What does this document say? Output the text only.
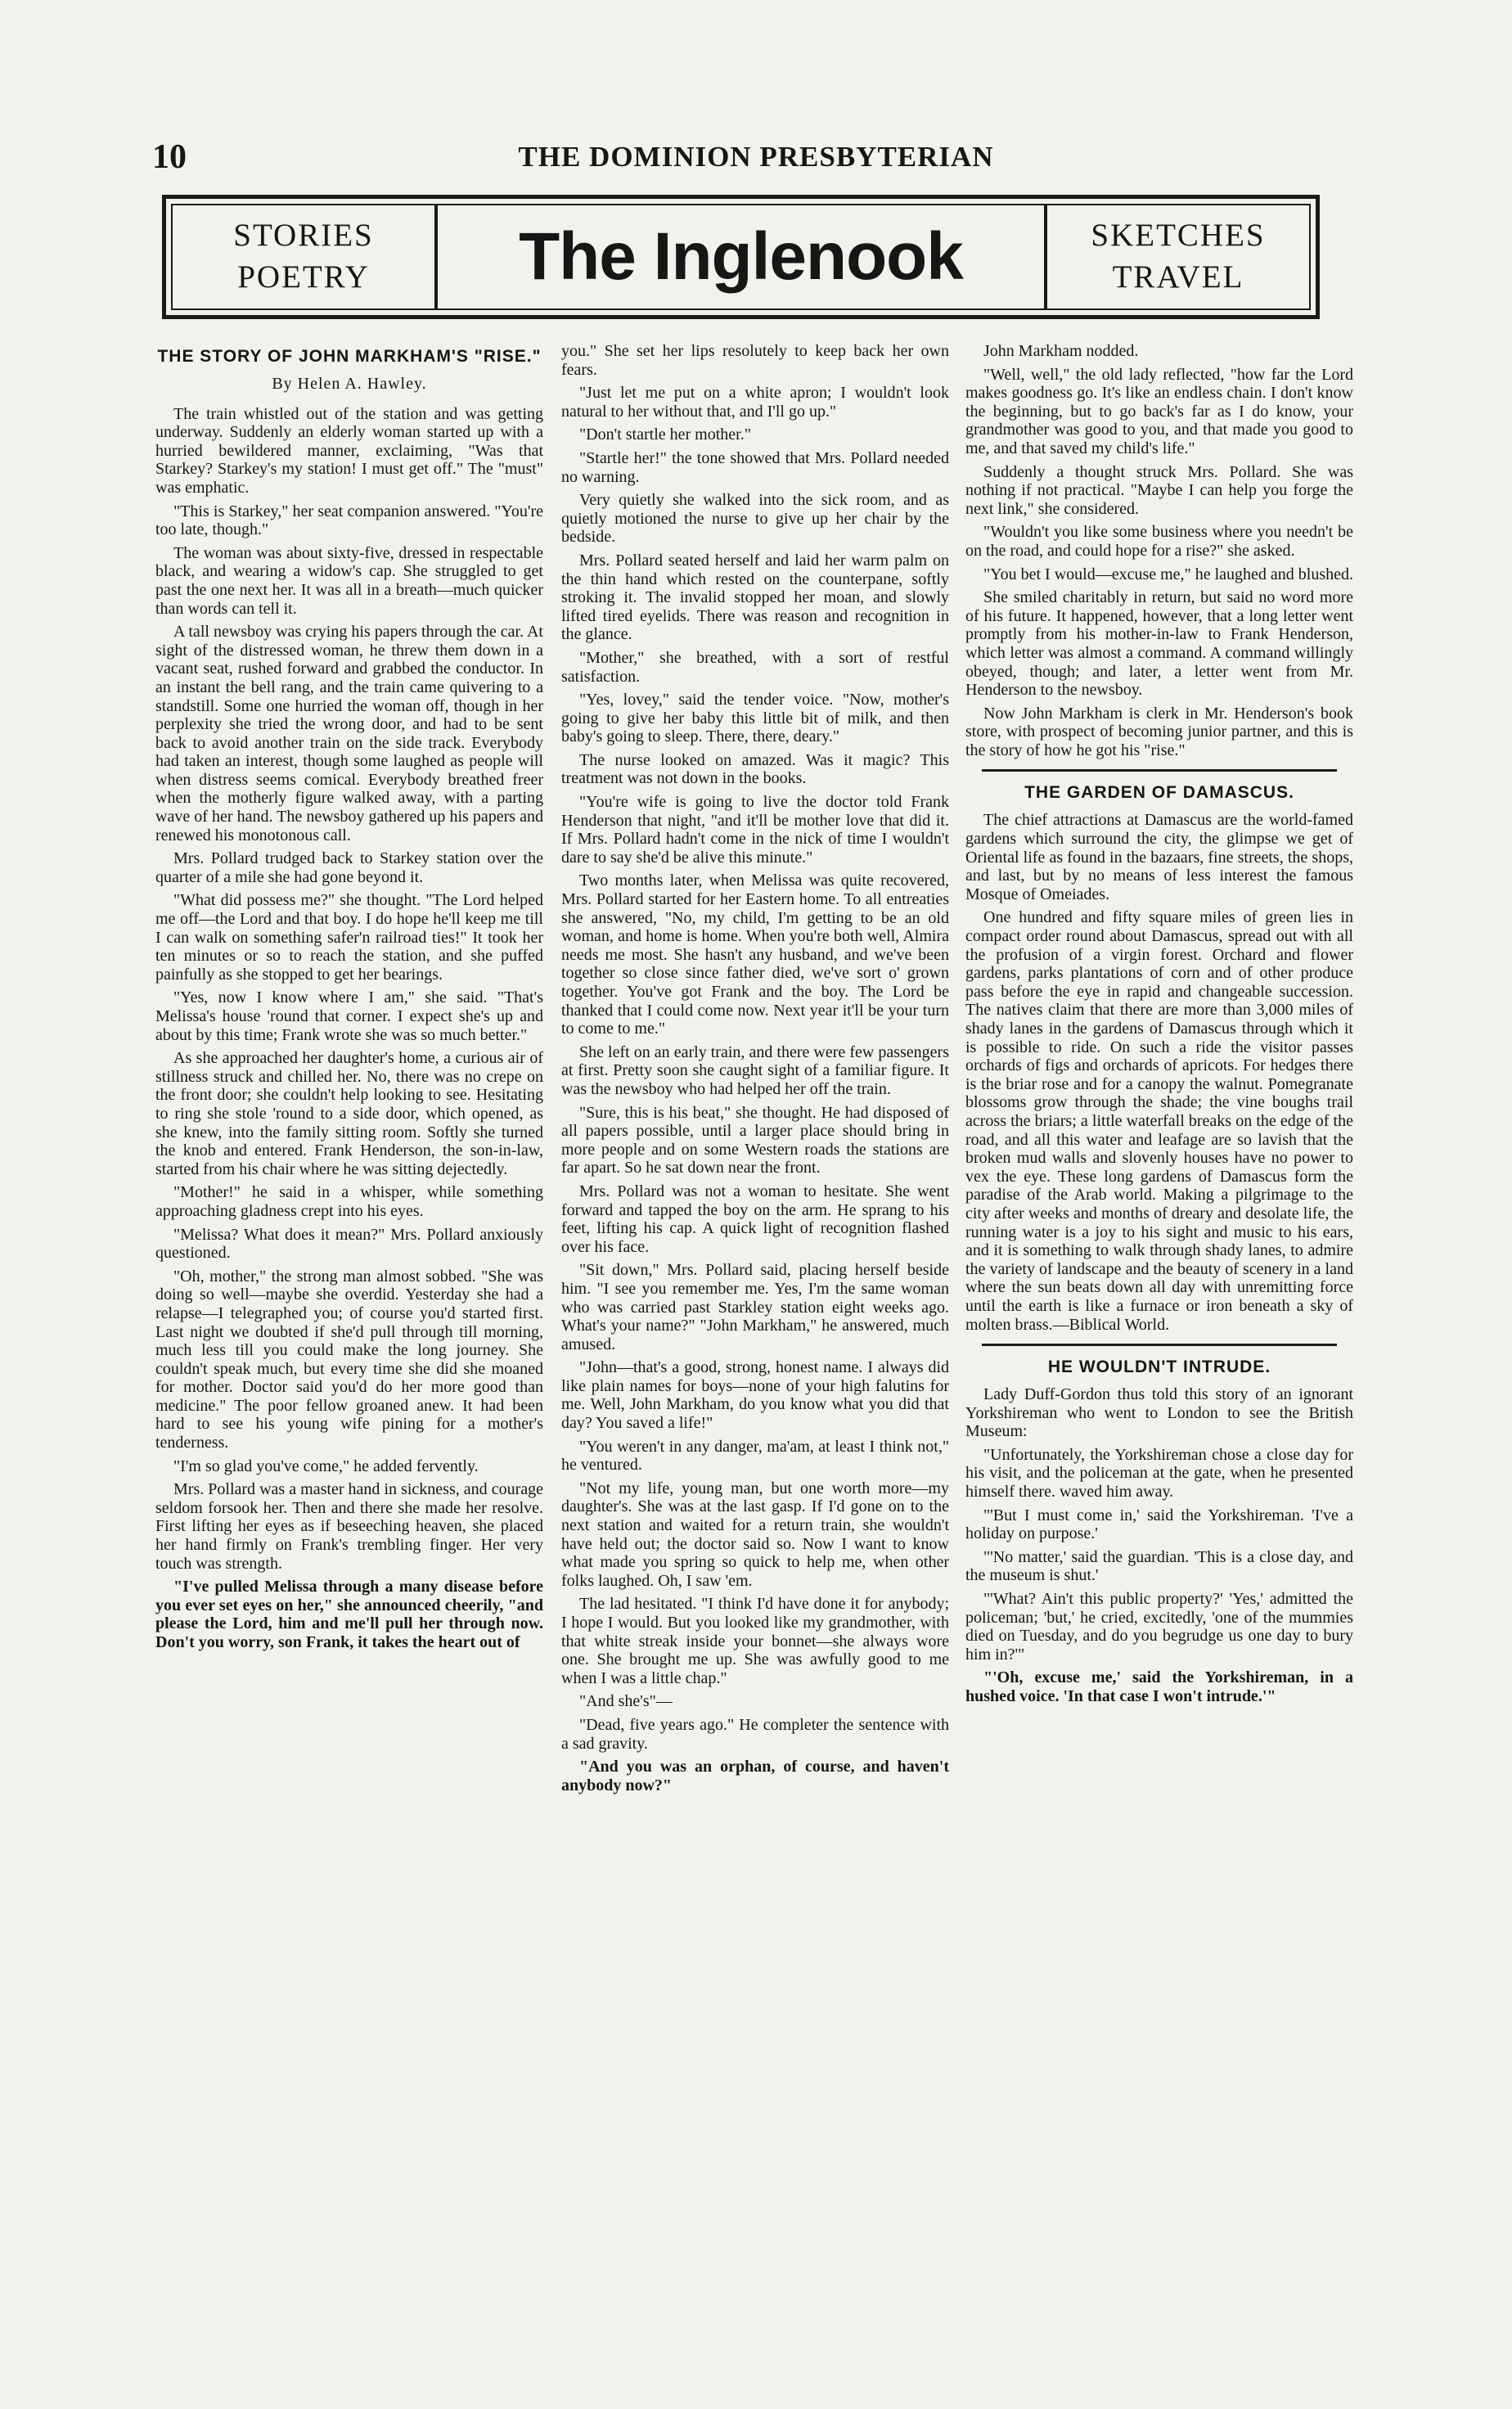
10	THE DOMINION PRESBYTERIAN
STORIES
POETRY	The Inglenook	SKETCHES
TRAVEL
THE STORY OF JOHN MARKHAM'S "RISE."
By Helen A. Hawley.

The train whistled out of the station and was getting underway. Suddenly an elderly woman started up with a hurried bewildered manner, exclaiming, "Was that Starkey? Starkey's my station! I must get off." The "must" was emphatic.

"This is Starkey," her seat companion answered. "You're too late, though."

The woman was about sixty-five, dressed in respectable black, and wearing a widow's cap. She struggled to get past the one next her. It was all in a breath—much quicker than words can tell it.

A tall newsboy was crying his papers through the car. At sight of the distressed woman, he threw them down in a vacant seat, rushed forward and grabbed the conductor. In an instant the bell rang, and the train came quivering to a standstill. Some one hurried the woman off, though in her perplexity she tried the wrong door, and had to be sent back to avoid another train on the side track. Everybody had taken an interest, though some laughed as people will when distress seems comical. Everybody breathed freer when the motherly figure walked away, with a parting wave of her hand. The newsboy gathered up his papers and renewed his monotonous call.

Mrs. Pollard trudged back to Starkey station over the quarter of a mile she had gone beyond it.

"What did possess me?" she thought. "The Lord helped me off—the Lord and that boy. I do hope he'll keep me till I can walk on something safer'n railroad ties!" It took her ten minutes or so to reach the station, and she puffed painfully as she stopped to get her bearings.

"Yes, now I know where I am," she said. "That's Melissa's house 'round that corner. I expect she's up and about by this time; Frank wrote she was so much better."

As she approached her daughter's home, a curious air of stillness struck and chilled her. No, there was no crepe on the front door; she couldn't help looking to see. Hesitating to ring she stole 'round to a side door, which opened, as she knew, into the family sitting room. Softly she turned the knob and entered. Frank Henderson, the son-in-law, started from his chair where he was sitting dejectedly.

"Mother!" he said in a whisper, while something approaching gladness crept into his eyes.

"Melissa? What does it mean?" Mrs. Pollard anxiously questioned.

"Oh, mother," the strong man almost sobbed. "She was doing so well—maybe she overdid. Yesterday she had a relapse—I telegraphed you; of course you'd started first. Last night we doubted if she'd pull through till morning, much less till you could make the long journey. She couldn't speak much, but every time she did she moaned for mother. Doctor said you'd do her more good than medicine." The poor fellow groaned anew. It had been hard to see his young wife pining for a mother's tenderness.

"I'm so glad you've come," he added fervently.

Mrs. Pollard was a master hand in sickness, and courage seldom forsook her. Then and there she made her resolve. First lifting her eyes as if beseeching heaven, she placed her hand firmly on Frank's trembling finger. Her very touch was strength.

"I've pulled Melissa through a many disease before you ever set eyes on her," she announced cheerily, "and please the Lord, him and me'll pull her through now. Don't you worry, son Frank, it takes the heart out of

you." She set her lips resolutely to keep back her own fears.

"Just let me put on a white apron; I wouldn't look natural to her without that, and I'll go up."

"Don't startle her mother."

"Startle her!" the tone showed that Mrs. Pollard needed no warning.

Very quietly she walked into the sick room, and as quietly motioned the nurse to give up her chair by the bedside.

Mrs. Pollard seated herself and laid her warm palm on the thin hand which rested on the counterpane, softly stroking it. The invalid stopped her moan, and slowly lifted tired eyelids. There was reason and recognition in the glance.

"Mother," she breathed, with a sort of restful satisfaction.

"Yes, lovey," said the tender voice. "Now, mother's going to give her baby this little bit of milk, and then baby's going to sleep. There, there, deary."

The nurse looked on amazed. Was it magic? This treatment was not down in the books.

"You're wife is going to live the doctor told Frank Henderson that night, "and it'll be mother love that did it. If Mrs. Pollard hadn't come in the nick of time I wouldn't dare to say she'd be alive this minute."

Two months later, when Melissa was quite recovered, Mrs. Pollard started for her Eastern home. To all entreaties she answered, "No, my child, I'm getting to be an old woman, and home is home. When you're both well, Almira needs me most. She hasn't any husband, and we've been together so close since father died, we've sort o' grown together. You've got Frank and the boy. The Lord be thanked that I could come now. Next year it'll be your turn to come to me."

She left on an early train, and there were few passengers at first. Pretty soon she caught sight of a familiar figure. It was the newsboy who had helped her off the train.

"Sure, this is his beat," she thought. He had disposed of all papers possible, until a larger place should bring in more people and on some Western roads the stations are far apart. So he sat down near the front.

Mrs. Pollard was not a woman to hesitate. She went forward and tapped the boy on the arm. He sprang to his feet, lifting his cap. A quick light of recognition flashed over his face.

"Sit down," Mrs. Pollard said, placing herself beside him. "I see you remember me. Yes, I'm the same woman who was carried past Starkley station eight weeks ago. What's your name?" "John Markham," he answered, much amused.

"John—that's a good, strong, honest name. I always did like plain names for boys—none of your high falutins for me. Well, John Markham, do you know what you did that day? You saved a life!"

"You weren't in any danger, ma'am, at least I think not," he ventured.

"Not my life, young man, but one worth more—my daughter's. She was at the last gasp. If I'd gone on to the next station and waited for a return train, she wouldn't have held out; the doctor said so. Now I want to know what made you spring so quick to help me, when other folks laughed. Oh, I saw 'em.

The lad hesitated. "I think I'd have done it for anybody; I hope I would. But you looked like my grandmother, with that white streak inside your bonnet—she always wore one. She brought me up. She was awfully good to me when I was a little chap."

"And she's"—

"Dead, five years ago." He completer the sentence with a sad gravity.

"And you was an orphan, of course, and haven't anybody now?"

John Markham nodded.

"Well, well," the old lady reflected, "how far the Lord makes goodness go. It's like an endless chain. I don't know the beginning, but to go back's far as I do know, your grandmother was good to you, and that made you good to me, and that saved my child's life."

Suddenly a thought struck Mrs. Pollard. She was nothing if not practical. "Maybe I can help you forge the next link," she considered.

"Wouldn't you like some business where you needn't be on the road, and could hope for a rise?" she asked.

"You bet I would—excuse me," he laughed and blushed.

She smiled charitably in return, but said no word more of his future. It happened, however, that a long letter went promptly from his mother-in-law to Frank Henderson, which letter was almost a command. A command willingly obeyed, though; and later, a letter went from Mr. Henderson to the newsboy.

Now John Markham is clerk in Mr. Henderson's book store, with prospect of becoming junior partner, and this is the story of how he got his "rise."

THE GARDEN OF DAMASCUS.

The chief attractions at Damascus are the world-famed gardens which surround the city, the glimpse we get of Oriental life as found in the bazaars, fine streets, the shops, and last, but by no means of less interest the famous Mosque of Omeiades.

One hundred and fifty square miles of green lies in compact order round about Damascus, spread out with all the profusion of a virgin forest. Orchard and flower gardens, parks plantations of corn and of other produce pass before the eye in rapid and changeable succession. The natives claim that there are more than 3,000 miles of shady lanes in the gardens of Damascus through which it is possible to ride. On such a ride the visitor passes orchards of figs and orchards of apricots. For hedges there is the briar rose and for a canopy the walnut. Pomegranate blossoms grow through the shade; the vine boughs trail across the briars; a little waterfall breaks on the edge of the road, and all this water and leafage are so lavish that the broken mud walls and slovenly houses have no power to vex the eye. These long gardens of Damascus form the paradise of the Arab world. Making a pilgrimage to the city after weeks and months of dreary and desolate life, the running water is a joy to his sight and music to his ears, and it is something to walk through shady lanes, to admire the variety of landscape and the beauty of scenery in a land where the sun beats down all day with unremitting force until the earth is like a furnace or iron beneath a sky of molten brass.—Biblical World.

HE WOULDN'T INTRUDE.

Lady Duff-Gordon thus told this story of an ignorant Yorkshireman who went to London to see the British Museum:

"Unfortunately, the Yorkshireman chose a close day for his visit, and the policeman at the gate, when he presented himself there. waved him away.

"'But I must come in,' said the Yorkshireman. 'I've a holiday on purpose.'

"'No matter,' said the guardian. 'This is a close day, and the museum is shut.'

"'What? Ain't this public property?' 'Yes,' admitted the policeman; 'but,' he cried, excitedly, 'one of the mummies died on Tuesday, and do you begrudge us one day to bury him in?'"

"'Oh, excuse me,' said the Yorkshireman, in a hushed voice. 'In that case I won't intrude.'"
